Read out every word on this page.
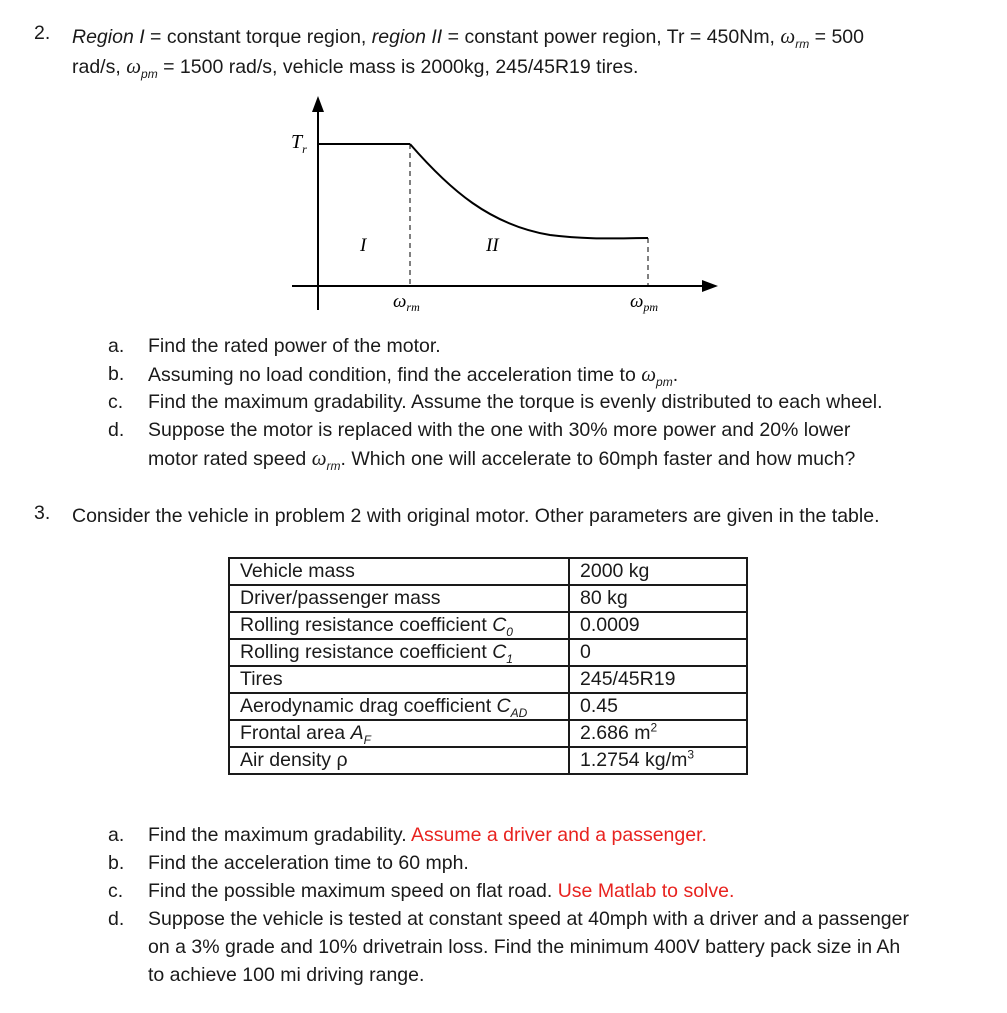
2. Region I = constant torque region, region II = constant power region, Tr = 450Nm, $\omega_{rm} = 500$
rad/s, $\omega_{pm} = 1500$ rad/s, vehicle mass is 2000kg, 245/45R19 tires.
$T_r$
I	II
$\omega_{rm}$	$\omega_{pm}$
a. Find the rated power of the motor.
b. Assuming no load condition, find the acceleration time to $\omega_{pm}$.
c.	Find the maximum gradability. Assume the torque is evenly distributed to each wheel.
d. Suppose the motor is replaced with the one with 30% more power and 20% lower
motor rated speed $\omega_{rm}$. Which one will accelerate to 60mph faster and how much?
3. Consider the vehicle in problem 2 with original motor. Other parameters are given in the table.
Vehicle mass	2000 kg
Driver/passenger mass	80 kg
Rolling resistance coefficient $C_0$	0.0009
Rolling resistance coefficient $C_1$	0
Tires	245/45R19
Aerodynamic drag coefficient $C_{AD}$	0.45
Frontal area $A_F$	2.686 $m^2$
Air density ρ	1.2754 $kg/m^3$
a. Find the maximum gradability. Assume a driver and a passenger.
b. Find the acceleration time to 60 mph.
c.	Find the possible maximum speed on flat road. Use Matlab to solve.
d. Suppose the vehicle is tested at constant speed at 40mph with a driver and a passenger
on a 3% grade and 10% drivetrain loss. Find the minimum 400V battery pack size in Ah
to achieve 100 mi driving range.
